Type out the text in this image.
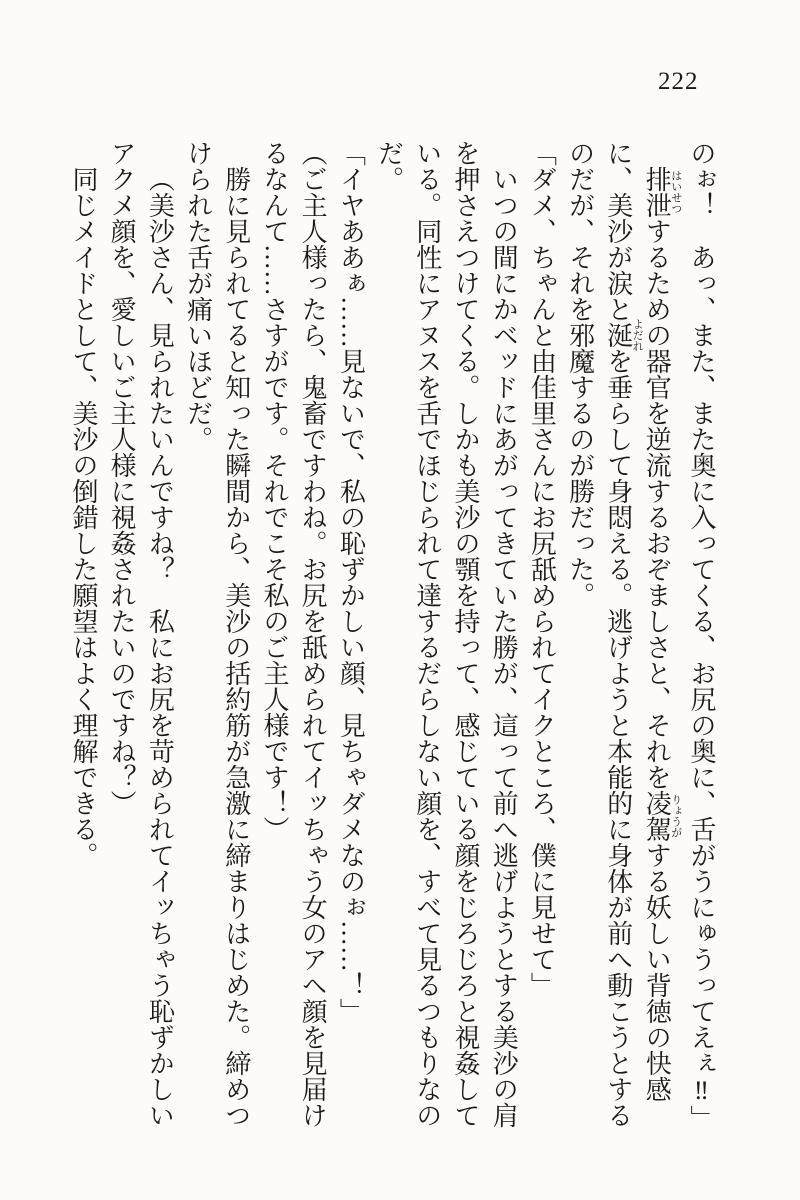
222

のぉ！　あっ、また、また奥に入ってくる、お尻の奥に、舌がうにゅうってえぇ‼」

排泄はいせつするための器官を逆流するおぞましさと、それを凌駕りょうがする妖しい背徳の快感に、美沙が涙と涎よだれを垂らして身悶える。逃げようと本能的に身体が前へ動こうとするのだが、それを邪魔するのが勝だった。

「ダメ、ちゃんと由佳里さんにお尻舐められてイクところ、僕に見せて」

いつの間にかベッドにあがってきていた勝が、這って前へ逃げようとする美沙の肩を押さえつけてくる。しかも美沙の顎を持って、感じている顔をじろじろと視姦している。同性にアヌスを舌でほじられて達するだらしない顔を、すべて見るつもりなのだ。

「イヤああぁ……見ないで、私の恥ずかしい顔、見ちゃダメなのぉ……！」

（ご主人様ったら、鬼畜ですわね。お尻を舐められてイッちゃう女のアヘ顔を見届けるなんて……さすがです。それでこそ私のご主人様です！）

勝に見られてると知った瞬間から、美沙の括約筋が急激に締まりはじめた。締めつけられた舌が痛いほどだ。

（美沙さん、見られたいんですね？　私にお尻を苛められてイッちゃう恥ずかしいアクメ顔を、愛しいご主人様に視姦されたいのですね？）

同じメイドとして、美沙の倒錯した願望はよく理解できる。
